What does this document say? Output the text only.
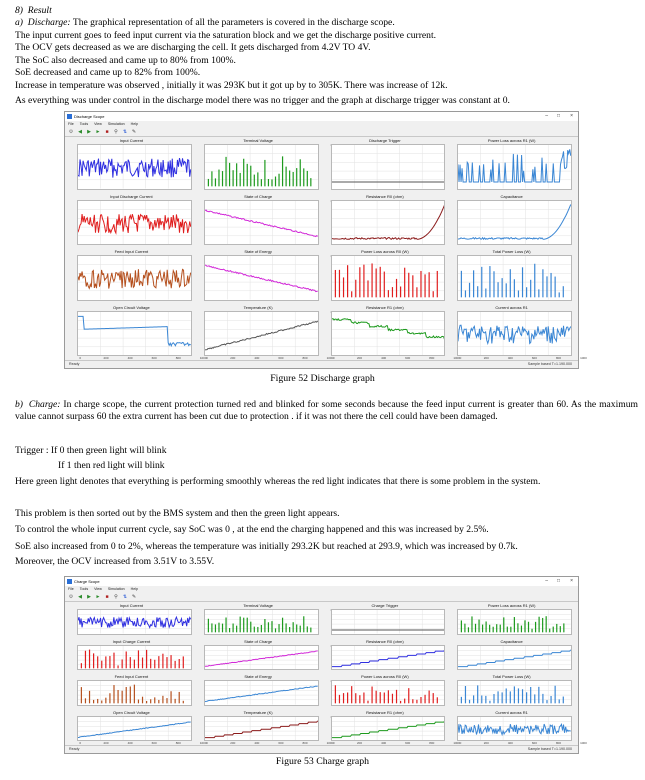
8)  Result
a)  Discharge: The graphical representation of all the parameters is covered in the discharge scope.
The input current goes to feed input current via the saturation block and we get the discharge positive current.
The OCV gets decreased as we are discharging the cell. It gets discharged from 4.2V TO 4V.
The SoC also decreased and came up to 80% from 100%.
SoE decreased and came up to 82% from 100%.
Increase in temperature was observed , initially it was 293K but it got up by to 305K. There was increase of 12k.
As everything was under control in the discharge model there was no trigger and the graph at discharge trigger was constant at 0.
Discharge Scope	– □ ×
File Tools View Simulation Help
⚙ ◀ ▶ ► ■ ⚲ ⇅ ✎
Input Current	Terminal Voltage	Discharge Trigger	Power Loss across R1 (W)
Input Discharge Current	State of Charge	Resistance R0 (ohm)	Capacitance
Feed Input Current	State of Energy	Power Loss across R0 (W)	Total Power Loss (W)
Open Circuit Voltage
0	200	400	600	800	1000
Temperature (K)
0	200	400	600	800	1000
Resistance R1 (ohm)
0	200	400	600	800	1000
Current across R1
0	200	400	600	800	1000
Ready	Sample based T=1.190.000
Figure 52 Discharge graph
b)  Charge: In charge scope, the current protection turned red and blinked for some seconds because the feed input current is greater than 60. As the maximum value cannot surpass 60 the extra current has been cut due to protection . if it was not there the cell could have been damaged.
Trigger : If 0 then green light will blink
If 1 then red light will blink
Here green light denotes that everything is performing smoothly whereas the red light indicates that there is some problem in the system.
This problem is then sorted out by the BMS system and then the green light appears.
To control the whole input current cycle, say SoC was 0 , at the end the charging happened and this was increased by 2.5%.
SoE also increased from 0 to 2%, whereas the temperature was initially 293.2K but reached at 293.9, which was increased by 0.7k.
Moreover, the OCV increased from 3.51V to 3.55V.
Charge Scope	– □ ×
File Tools View Simulation Help
⚙ ◀ ▶ ► ■ ⚲ ⇅ ✎
Input Current	Terminal Voltage	Charge Trigger	Power Loss across R1 (W)
Input Charge Current	State of Charge	Resistance R0 (ohm)	Capacitance
Feed Input Current	State of Energy	Power Loss across R0 (W)	Total Power Loss (W)
Open Circuit Voltage
0	200	400	600	800	1000
Temperature (K)
0	200	400	600	800	1000
Resistance R1 (ohm)
0	200	400	600	800	1000
Current across R1
0	200	400	600	800	1000
Ready	Sample based T=1.190.000
Figure 53 Charge graph
